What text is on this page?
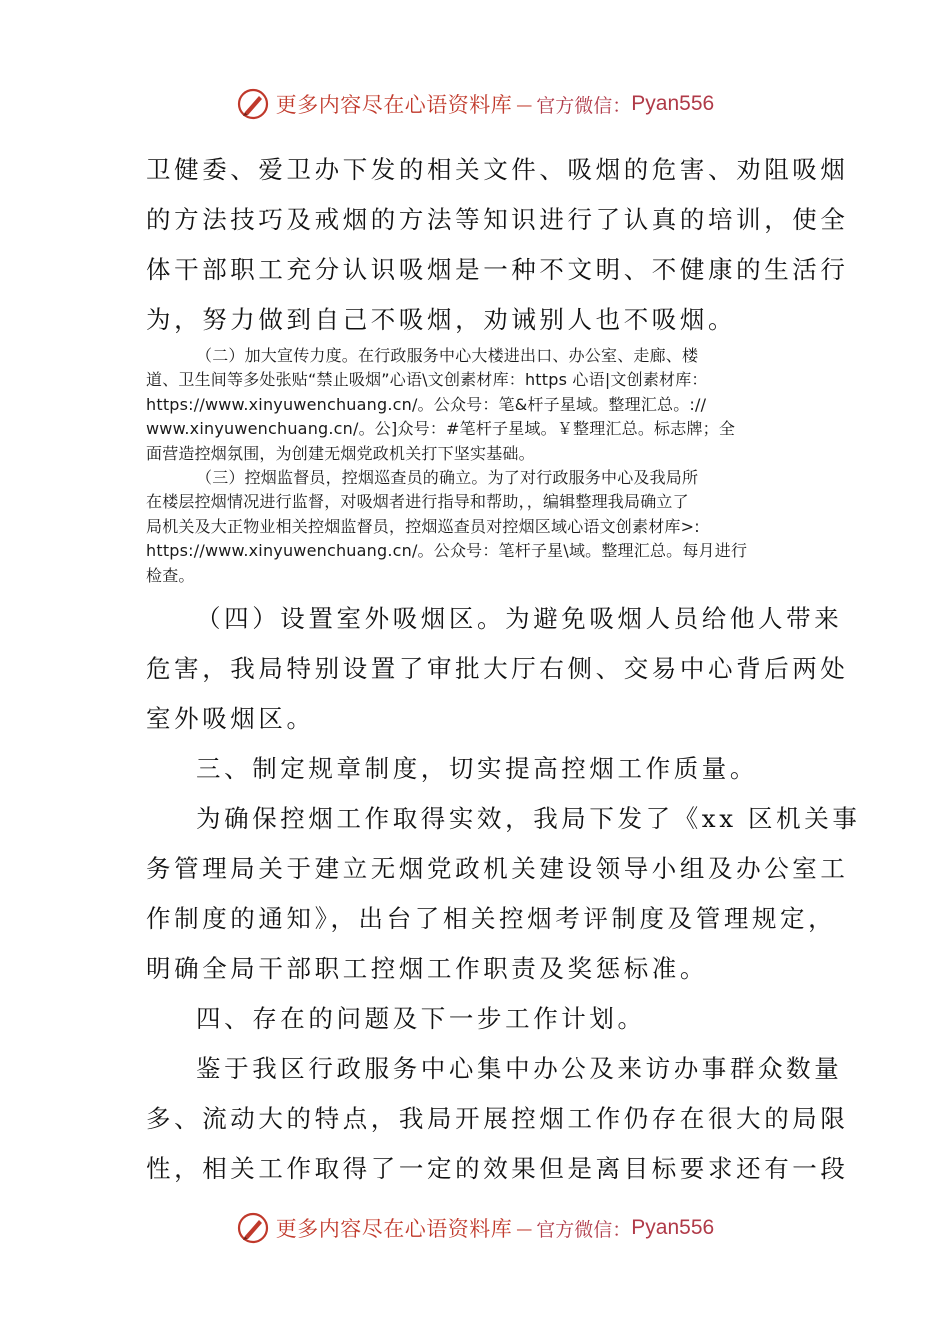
更多内容尽在心语资料库 — 官方微信： Pyan556
卫健委、爱卫办下发的相关文件、吸烟的危害、劝阻吸烟
的方法技巧及戒烟的方法等知识进行了认真的培训，使全
体干部职工充分认识吸烟是一种不文明、不健康的生活行
为，努力做到自己不吸烟，劝诫别人也不吸烟。
（二）加大宣传力度。在行政服务中心大楼进出口、办公室、走廊、楼
道、卫生间等多处张贴“禁止吸烟”心语\文创素材库：https 心语|文创素材库：
https://www.xinyuwenchuang.cn/。公众号：笔&杆子星域。整理汇总。://
www.xinyuwenchuang.cn/。公]众号：#笔杆子星域。￥整理汇总。标志牌；全
面营造控烟氛围，为创建无烟党政机关打下坚实基础。
（三）控烟监督员，控烟巡查员的确立。为了对行政服务中心及我局所
在楼层控烟情况进行监督，对吸烟者进行指导和帮助，，编辑整理我局确立了
局机关及大正物业相关控烟监督员，控烟巡查员对控烟区域心语文创素材库>:
https://www.xinyuwenchuang.cn/。公众号：笔杆子星\域。整理汇总。每月进行
检查。
（四）设置室外吸烟区。为避免吸烟人员给他人带来
危害，我局特别设置了审批大厅右侧、交易中心背后两处
室外吸烟区。
三、制定规章制度，切实提高控烟工作质量。
为确保控烟工作取得实效，我局下发了《xx 区机关事
务管理局关于建立无烟党政机关建设领导小组及办公室工
作制度的通知》，出台了相关控烟考评制度及管理规定，
明确全局干部职工控烟工作职责及奖惩标准。
四、存在的问题及下一步工作计划。
鉴于我区行政服务中心集中办公及来访办事群众数量
多、流动大的特点，我局开展控烟工作仍存在很大的局限
性，相关工作取得了一定的效果但是离目标要求还有一段
更多内容尽在心语资料库 — 官方微信： Pyan556
